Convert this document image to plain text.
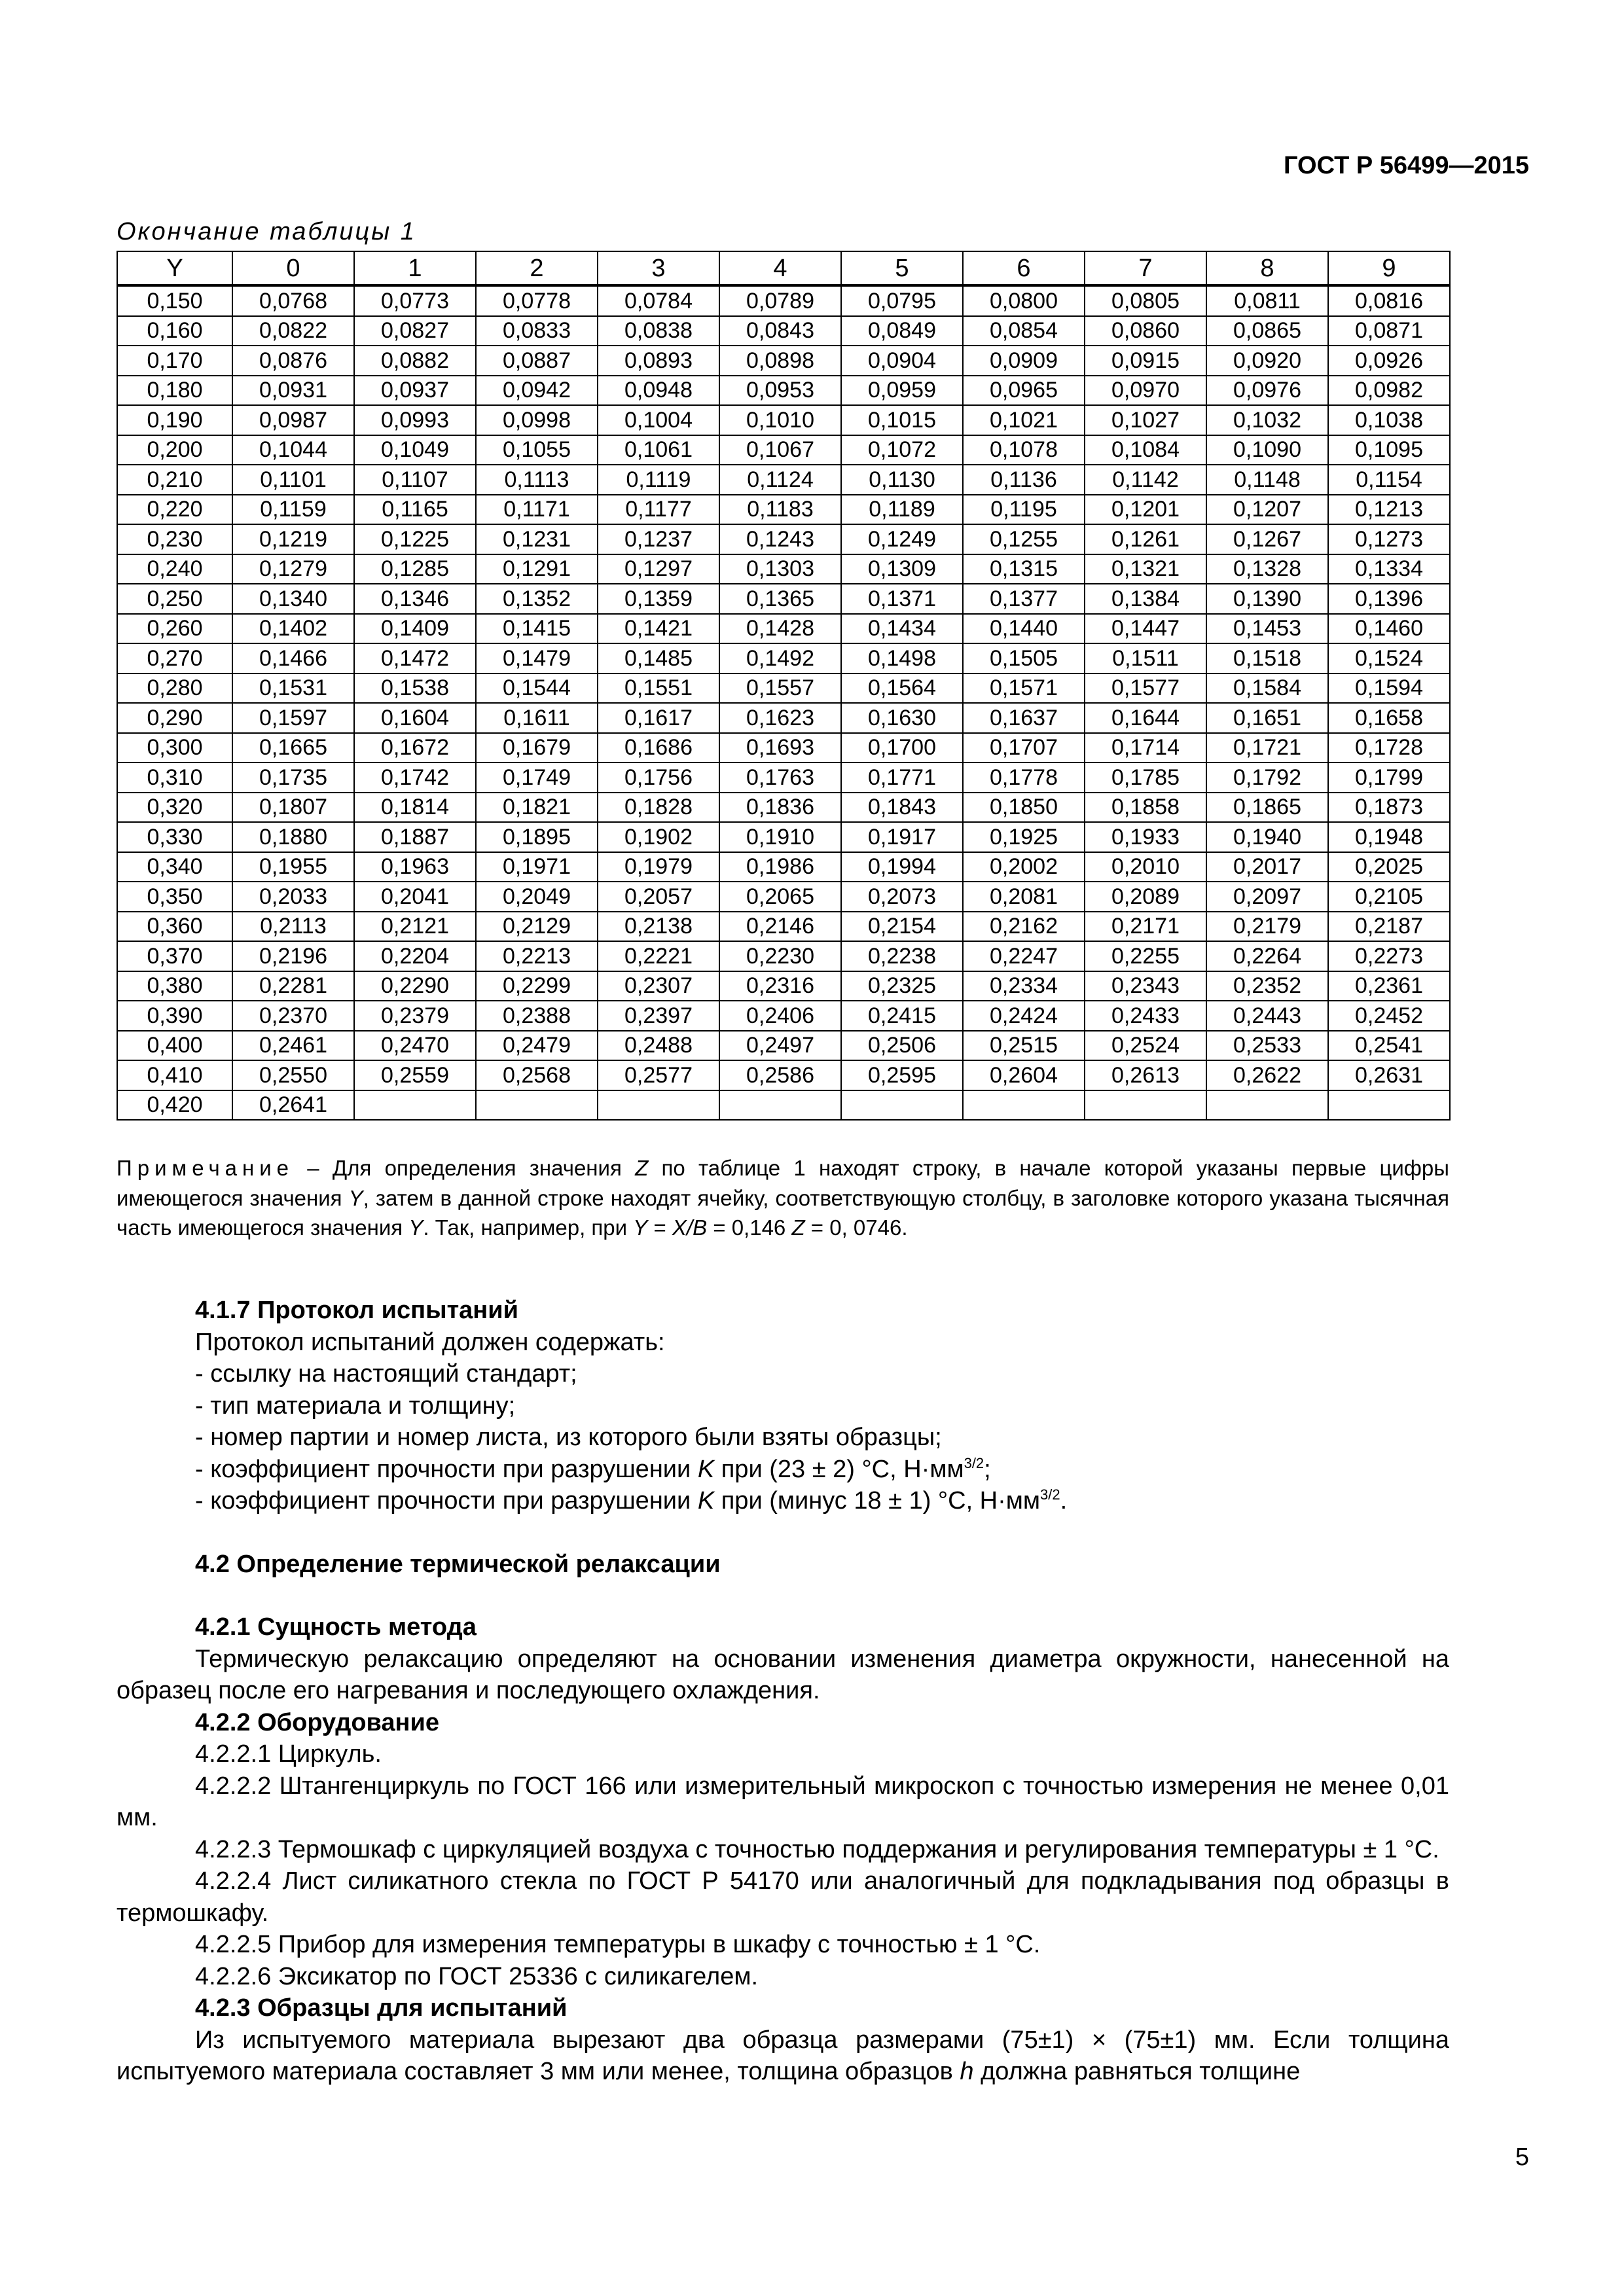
ГОСТ Р 56499—2015
Окончание таблицы 1
Y	0	1	2	3	4	5	6	7	8	9
0,150	0,0768	0,0773	0,0778	0,0784	0,0789	0,0795	0,0800	0,0805	0,0811	0,0816
0,160	0,0822	0,0827	0,0833	0,0838	0,0843	0,0849	0,0854	0,0860	0,0865	0,0871
0,170	0,0876	0,0882	0,0887	0,0893	0,0898	0,0904	0,0909	0,0915	0,0920	0,0926
0,180	0,0931	0,0937	0,0942	0,0948	0,0953	0,0959	0,0965	0,0970	0,0976	0,0982
0,190	0,0987	0,0993	0,0998	0,1004	0,1010	0,1015	0,1021	0,1027	0,1032	0,1038
0,200	0,1044	0,1049	0,1055	0,1061	0,1067	0,1072	0,1078	0,1084	0,1090	0,1095
0,210	0,1101	0,1107	0,1113	0,1119	0,1124	0,1130	0,1136	0,1142	0,1148	0,1154
0,220	0,1159	0,1165	0,1171	0,1177	0,1183	0,1189	0,1195	0,1201	0,1207	0,1213
0,230	0,1219	0,1225	0,1231	0,1237	0,1243	0,1249	0,1255	0,1261	0,1267	0,1273
0,240	0,1279	0,1285	0,1291	0,1297	0,1303	0,1309	0,1315	0,1321	0,1328	0,1334
0,250	0,1340	0,1346	0,1352	0,1359	0,1365	0,1371	0,1377	0,1384	0,1390	0,1396
0,260	0,1402	0,1409	0,1415	0,1421	0,1428	0,1434	0,1440	0,1447	0,1453	0,1460
0,270	0,1466	0,1472	0,1479	0,1485	0,1492	0,1498	0,1505	0,1511	0,1518	0,1524
0,280	0,1531	0,1538	0,1544	0,1551	0,1557	0,1564	0,1571	0,1577	0,1584	0,1594
0,290	0,1597	0,1604	0,1611	0,1617	0,1623	0,1630	0,1637	0,1644	0,1651	0,1658
0,300	0,1665	0,1672	0,1679	0,1686	0,1693	0,1700	0,1707	0,1714	0,1721	0,1728
0,310	0,1735	0,1742	0,1749	0,1756	0,1763	0,1771	0,1778	0,1785	0,1792	0,1799
0,320	0,1807	0,1814	0,1821	0,1828	0,1836	0,1843	0,1850	0,1858	0,1865	0,1873
0,330	0,1880	0,1887	0,1895	0,1902	0,1910	0,1917	0,1925	0,1933	0,1940	0,1948
0,340	0,1955	0,1963	0,1971	0,1979	0,1986	0,1994	0,2002	0,2010	0,2017	0,2025
0,350	0,2033	0,2041	0,2049	0,2057	0,2065	0,2073	0,2081	0,2089	0,2097	0,2105
0,360	0,2113	0,2121	0,2129	0,2138	0,2146	0,2154	0,2162	0,2171	0,2179	0,2187
0,370	0,2196	0,2204	0,2213	0,2221	0,2230	0,2238	0,2247	0,2255	0,2264	0,2273
0,380	0,2281	0,2290	0,2299	0,2307	0,2316	0,2325	0,2334	0,2343	0,2352	0,2361
0,390	0,2370	0,2379	0,2388	0,2397	0,2406	0,2415	0,2424	0,2433	0,2443	0,2452
0,400	0,2461	0,2470	0,2479	0,2488	0,2497	0,2506	0,2515	0,2524	0,2533	0,2541
0,410	0,2550	0,2559	0,2568	0,2577	0,2586	0,2595	0,2604	0,2613	0,2622	0,2631
0,420	0,2641									
Примечание – Для определения значения Z по таблице 1 находят строку, в начале которой указаны первые цифры имеющегося значения Y, затем в данной строке находят ячейку, соответствующую столбцу, в заголовке которого указана тысячная часть имеющегося значения Y. Так, например, при Y = X/B = 0,146 Z = 0, 0746.

4.1.7 Протокол испытаний

Протокол испытаний должен содержать:

- ссылку на настоящий стандарт;

- тип материала и толщину;

- номер партии и номер листа, из которого были взяты образцы;

- коэффициент прочности при разрушении K при (23 ± 2) °С, $Н\cdot мм^{3/2}$;

- коэффициент прочности при разрушении K при (минус 18 ± 1) °С, $Н\cdot мм^{3/2}$.

4.2 Определение термической релаксации

4.2.1 Сущность метода

Термическую релаксацию определяют на основании изменения диаметра окружности, нанесенной на образец после его нагревания и последующего охлаждения.

4.2.2 Оборудование

4.2.2.1 Циркуль.

4.2.2.2 Штангенциркуль по ГОСТ 166 или измерительный микроскоп с точностью измерения не менее 0,01 мм.

4.2.2.3 Термошкаф с циркуляцией воздуха с точностью поддержания и регулирования температуры ± 1 °С.

4.2.2.4 Лист силикатного стекла по ГОСТ Р 54170 или аналогичный для подкладывания под образцы в термошкафу.

4.2.2.5 Прибор для измерения температуры в шкафу с точностью ± 1 °С.

4.2.2.6 Эксикатор по ГОСТ 25336 с силикагелем.

4.2.3 Образцы для испытаний

Из испытуемого материала вырезают два образца размерами (75±1) × (75±1) мм. Если толщина испытуемого материала составляет 3 мм или менее, толщина образцов h должна равняться толщине

5
